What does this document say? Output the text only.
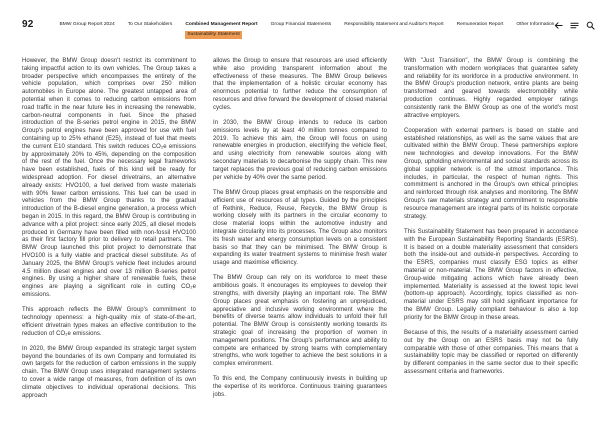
92	BMW Group Report 2024	To Our Stakeholders	Combined Management Report
Sustainability Statement
Group Financial Statements	Responsibility Statement and Auditor's Report	Remuneration Report	Other Information

However, the BMW Group doesn't restrict its commitment to taking impactful action to its own vehicles. The Group takes a broader perspective which encompasses the entirety of the vehicle population, which comprises over 250 million automobiles in Europe alone. The greatest untapped area of potential when it comes to reducing carbon emissions from road traffic in the near future lies in increasing the renewable, carbon-neutral components in fuel. Since the phased introduction of the B-series petrol engine in 2015, the BMW Group's petrol engines have been approved for use with fuel containing up to 25% ethanol (E25), instead of fuel that meets the current E10 standard. This switch reduces CO₂e emissions by approximately 20% to 45%, depending on the composition of the rest of the fuel. Once the necessary legal frameworks have been established, fuels of this kind will be ready for widespread adoption. For diesel drivetrains, an alternative already exists: HVO100, a fuel derived from waste materials with 90% fewer carbon emissions. This fuel can be used in vehicles from the BMW Group thanks to the gradual introduction of the B-diesel engine generation, a process which began in 2015. In this regard, the BMW Group is contributing in advance with a pilot project: since early 2025, all diesel models produced in Germany have been filled with non-fossil HVO100 as their first factory fill prior to delivery to retail partners. The BMW Group launched this pilot project to demonstrate that HVO100 is a fully viable and practical diesel substitute. As of January 2025, the BMW Group's vehicle fleet includes around 4.5 million diesel engines and over 13 million B-series petrol engines. By using a higher share of renewable fuels, these engines are playing a significant role in cutting CO₂e emissions.

This approach reflects the BMW Group's commitment to technology openness: a high-quality mix of state-of-the-art, efficient drivetrain types makes an effective contribution to the reduction of CO₂e emissions.

In 2020, the BMW Group expanded its strategic target system beyond the boundaries of its own Company and formulated its own targets for the reduction of carbon emissions in the supply chain. The BMW Group uses integrated management systems to cover a wide range of measures, from definition of its own climate objectives to individual operational decisions. This approach

allows the Group to ensure that resources are used efficiently while also providing transparent information about the effectiveness of these measures. The BMW Group believes that the implementation of a holistic circular economy has enormous potential to further reduce the consumption of resources and drive forward the development of closed material cycles.

In 2030, the BMW Group intends to reduce its carbon emissions levels by at least 40 million tonnes compared to 2019. To achieve this aim, the Group will focus on using renewable energies in production, electrifying the vehicle fleet, and using electricity from renewable sources along with secondary materials to decarbonise the supply chain. This new target replaces the previous goal of reducing carbon emissions per vehicle by 40% over the same period.

The BMW Group places great emphasis on the responsible and efficient use of resources of all types. Guided by the principles of Rethink, Reduce, Reuse, Recycle, the BMW Group is working closely with its partners in the circular economy to close material loops within the automotive industry and integrate circularity into its processes. The Group also monitors its fresh water and energy consumption levels on a consistent basis so that they can be minimised. The BMW Group is expanding its water treatment systems to minimise fresh water usage and maximise efficiency.

The BMW Group can rely on its workforce to meet these ambitious goals. It encourages its employees to develop their strengths, with diversity playing an important role. The BMW Group places great emphasis on fostering an unprejudiced, appreciative and inclusive working environment where the benefits of diverse teams allow individuals to unfold their full potential. The BMW Group is consistently working towards its strategic goal of increasing the proportion of women in management positions. The Group's performance and ability to compete are enhanced by strong teams with complementary strengths, who work together to achieve the best solutions in a complex environment.

To this end, the Company continuously invests in building up the expertise of its workforce. Continuous training guarantees jobs.

With "Just Transition", the BMW Group is combining the transformation with modern workplaces that guarantee safety and reliability for its workforce in a productive environment. In the BMW Group's production network, entire plants are being transformed and geared towards electromobility while production continues. Highly regarded employer ratings consistently rank the BMW Group as one of the world's most attractive employers.

Cooperation with external partners is based on stable and established relationships, as well as the same values that are cultivated within the BMW Group. These partnerships explore new technologies and develop innovations. For the BMW Group, upholding environmental and social standards across its global supplier network is of the utmost importance. This includes, in particular, the respect of human rights. This commitment is anchored in the Group's own ethical principles and reinforced through risk analyses and monitoring. The BMW Group's raw materials strategy and commitment to responsible resource management are integral parts of its holistic corporate strategy.

This Sustainability Statement has been prepared in accordance with the European Sustainability Reporting Standards (ESRS). It is based on a double materiality assessment that considers both the inside-out and outside-in perspectives. According to the ESRS, companies must classify ESG topics as either material or non-material. The BMW Group factors in effective, Group-wide mitigating actions which have already been implemented. Materiality is assessed at the lowest topic level (bottom-up approach). Accordingly, topics classified as non-material under ESRS may still hold significant importance for the BMW Group. Legally compliant behaviour is also a top priority for the BMW Group in these areas.

Because of this, the results of a materiality assessment carried out by the Group on an ESRS basis may not be fully comparable with those of other companies. This means that a sustainability topic may be classified or reported on differently by different companies in the same sector due to their specific assessment criteria and frameworks.
